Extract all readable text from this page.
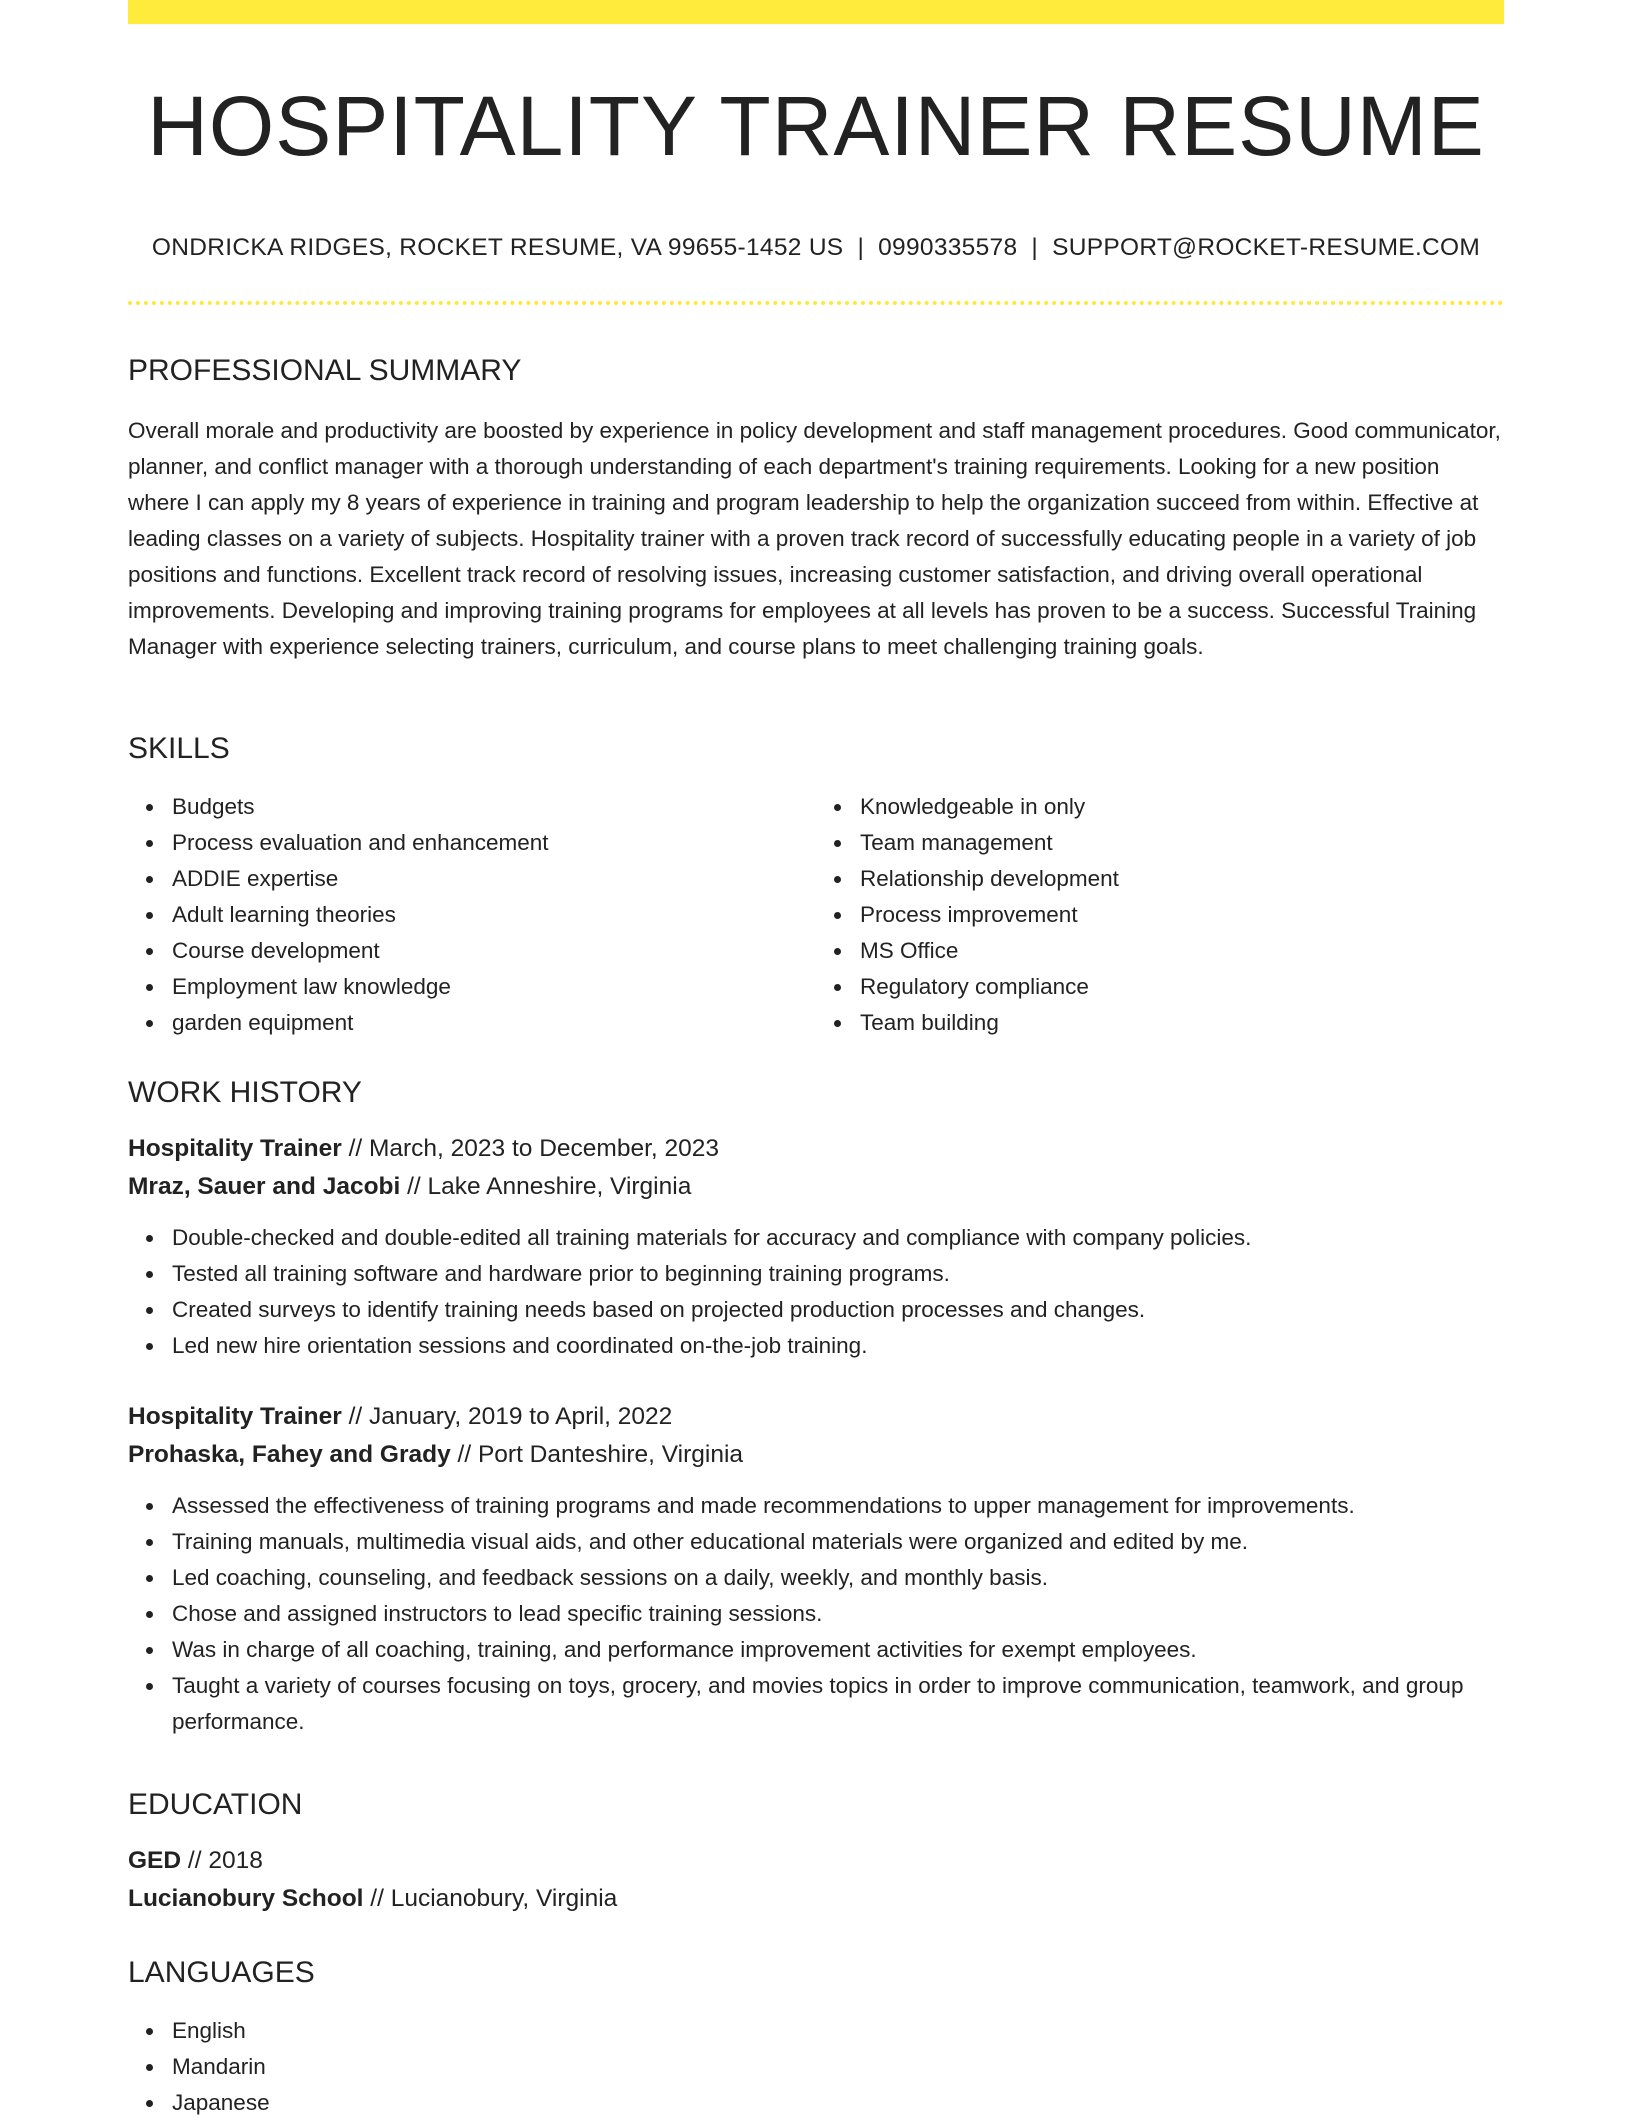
HOSPITALITY TRAINER RESUME
ONDRICKA RIDGES, ROCKET RESUME, VA 99655-1452 US | 0990335578 | SUPPORT@ROCKET-RESUME.COM
PROFESSIONAL SUMMARY

Overall morale and productivity are boosted by experience in policy development and staff management procedures. Good communicator, planner, and conflict manager with a thorough understanding of each department's training requirements. Looking for a new position where I can apply my 8 years of experience in training and program leadership to help the organization succeed from within. Effective at leading classes on a variety of subjects. Hospitality trainer with a proven track record of successfully educating people in a variety of job positions and functions. Excellent track record of resolving issues, increasing customer satisfaction, and driving overall operational improvements. Developing and improving training programs for employees at all levels has proven to be a success. Successful Training Manager with experience selecting trainers, curriculum, and course plans to meet challenging training goals.

SKILLS
Budgets
Process evaluation and enhancement
ADDIE expertise
Adult learning theories
Course development
Employment law knowledge
garden equipment
Knowledgeable in only
Team management
Relationship development
Process improvement
MS Office
Regulatory compliance
Team building
WORK HISTORY
Hospitality Trainer // March, 2023 to December, 2023
Mraz, Sauer and Jacobi // Lake Anneshire, Virginia
Double-checked and double-edited all training materials for accuracy and compliance with company policies.
Tested all training software and hardware prior to beginning training programs.
Created surveys to identify training needs based on projected production processes and changes.
Led new hire orientation sessions and coordinated on-the-job training.
Hospitality Trainer // January, 2019 to April, 2022
Prohaska, Fahey and Grady // Port Danteshire, Virginia
Assessed the effectiveness of training programs and made recommendations to upper management for improvements.
Training manuals, multimedia visual aids, and other educational materials were organized and edited by me.
Led coaching, counseling, and feedback sessions on a daily, weekly, and monthly basis.
Chose and assigned instructors to lead specific training sessions.
Was in charge of all coaching, training, and performance improvement activities for exempt employees.
Taught a variety of courses focusing on toys, grocery, and movies topics in order to improve communication, teamwork, and group performance.
EDUCATION
GED // 2018
Lucianobury School // Lucianobury, Virginia
LANGUAGES
English
Mandarin
Japanese
